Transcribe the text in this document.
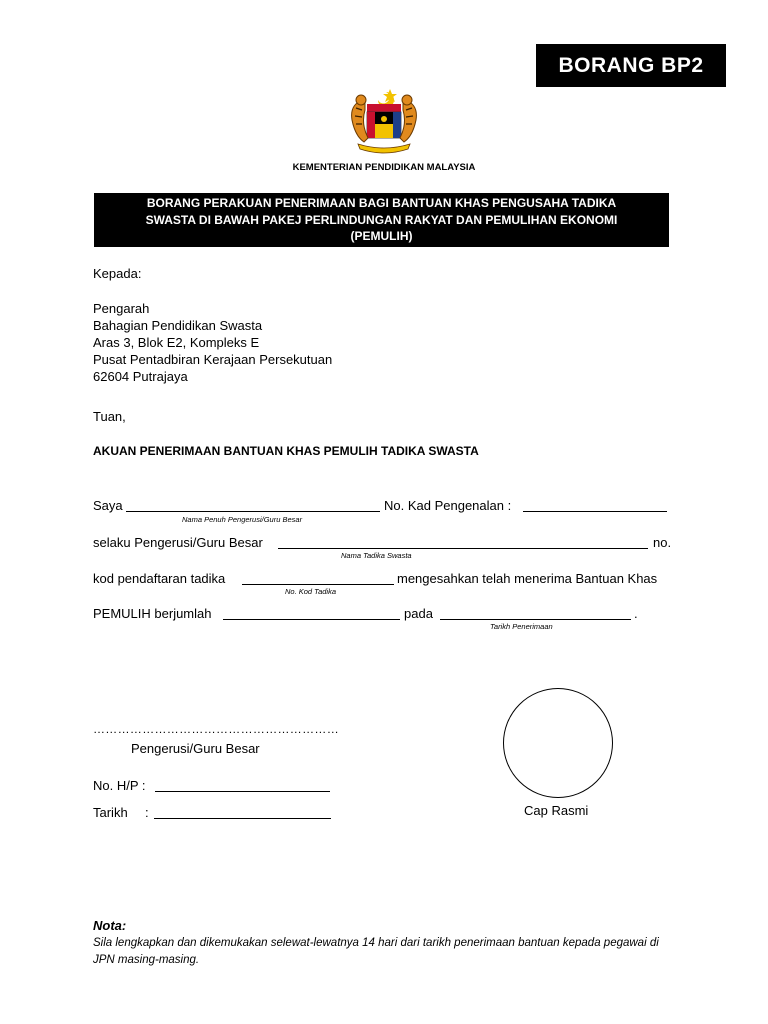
BORANG BP2
KEMENTERIAN PENDIDIKAN MALAYSIA
BORANG PERAKUAN PENERIMAAN BAGI BANTUAN KHAS PENGUSAHA TADIKA
SWASTA DI BAWAH PAKEJ PERLINDUNGAN RAKYAT DAN PEMULIHAN EKONOMI
(PEMULIH)
Kepada:
Pengarah
Bahagian Pendidikan Swasta
Aras 3, Blok E2, Kompleks E
Pusat Pentadbiran Kerajaan Persekutuan
62604 Putrajaya
Tuan,
AKUAN PENERIMAAN BANTUAN KHAS PEMULIH TADIKA SWASTA
Saya
Nama Penuh Pengerusi/Guru Besar
No. Kad Pengenalan :
selaku Pengerusi/Guru Besar
Nama Tadika Swasta
no.
kod pendaftaran tadika
No. Kod Tadika
mengesahkan telah menerima Bantuan Khas
PEMULIH berjumlah	pada
Tarikh Penerimaan
.
……………………………………………………
Pengerusi/Guru Besar
No. H/P :
Tarikh :	Cap Rasmi
Nota:
Sila lengkapkan dan dikemukakan selewat-lewatnya 14 hari dari tarikh penerimaan bantuan kepada pegawai di JPN masing-masing.
